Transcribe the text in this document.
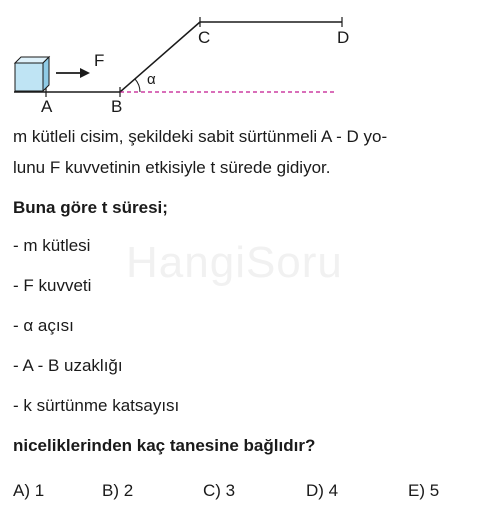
HangiSoru
F
α
A	B
C	D
m kütleli cisim, şekildeki sabit sürtünmeli A - D yo-
lunu F kuvvetinin etkisiyle t sürede gidiyor.
Buna göre t süresi;
- m kütlesi
- F kuvveti
- α açısı
- A - B uzaklığı
- k sürtünme katsayısı
niceliklerinden kaç tanesine bağlıdır?
A) 1	B) 2	C) 3	D) 4	E) 5
